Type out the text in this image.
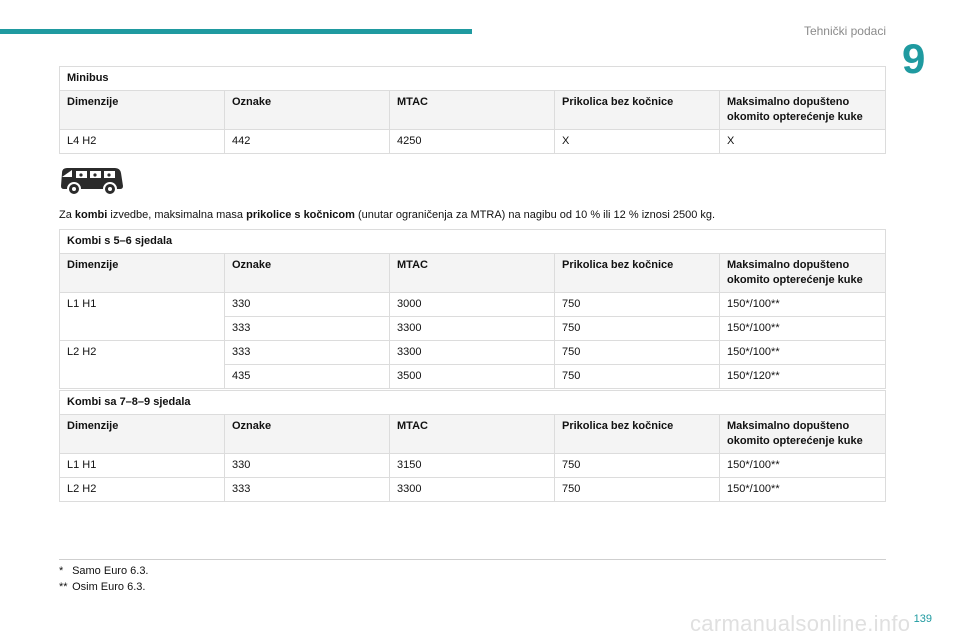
Tehnički podaci
9
Minibus				
Dimenzije	Oznake	MTAC	Prikolica bez kočnice	Maksimalno dopušteno okomito opterećenje kuke
L4 H2	442	4250	X	X
Za kombi izvedbe, maksimalna masa prikolice s kočnicom (unutar ograničenja za MTRA) na nagibu od 10 % ili 12 % iznosi 2500 kg.
Kombi s 5–6 sjedala				
Dimenzije	Oznake	MTAC	Prikolica bez kočnice	Maksimalno dopušteno okomito opterećenje kuke
L1 H1	330	3000	750	150*/100**
	333	3300	750	150*/100**
L2 H2	333	3300	750	150*/100**
	435	3500	750	150*/120**
Kombi sa 7–8–9 sjedala				
Dimenzije	Oznake	MTAC	Prikolica bez kočnice	Maksimalno dopušteno okomito opterećenje kuke
L1 H1	330	3150	750	150*/100**
L2 H2	333	3300	750	150*/100**
* Samo Euro 6.3.
** Osim Euro 6.3.
carmanualsonline.info 139
